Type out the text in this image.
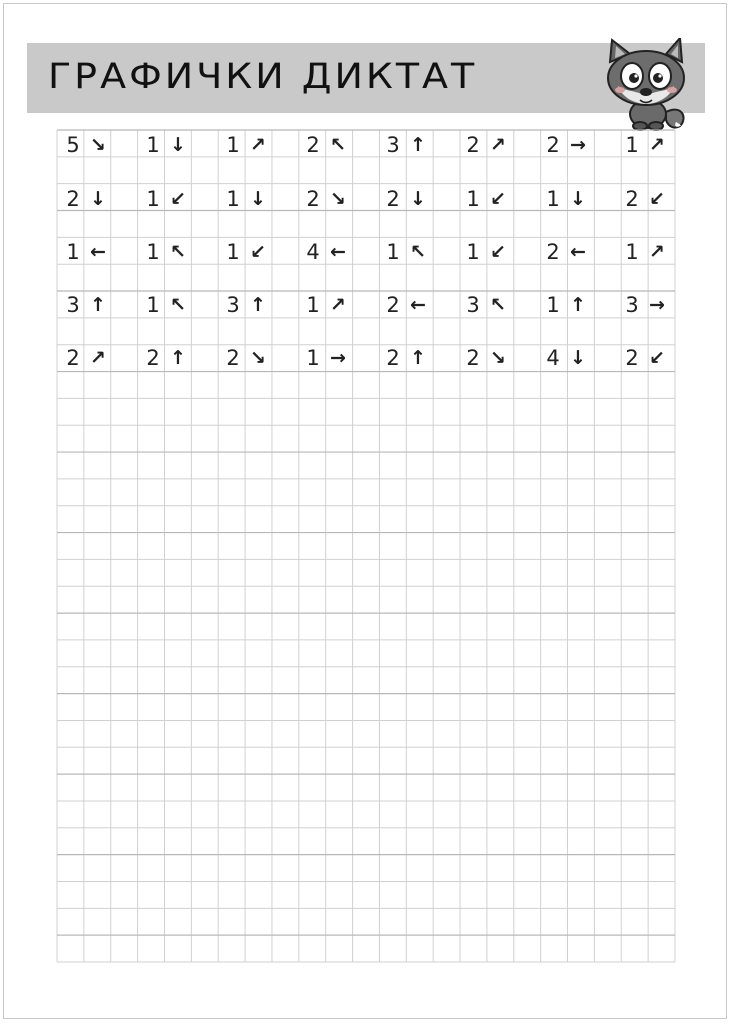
ГРАФИЧКИ ДИКТАТ
5 ↘ 1 ↓ 1 ↗ 2 ↖ 3 ↑ 2 ↗ 2 → 1 ↗
2 ↓ 1 ↙ 1 ↓ 2 ↘ 2 ↓ 1 ↙ 1 ↓ 2 ↙
1 ← 1 ↖ 1 ↙ 4 ← 1 ↖ 1 ↙ 2 ← 1 ↗
3 ↑ 1 ↖ 3 ↑ 1 ↗ 2 ← 3 ↖ 1 ↑ 3 →
2 ↗ 2 ↑ 2 ↘ 1 → 2 ↑ 2 ↘ 4 ↓ 2 ↙
